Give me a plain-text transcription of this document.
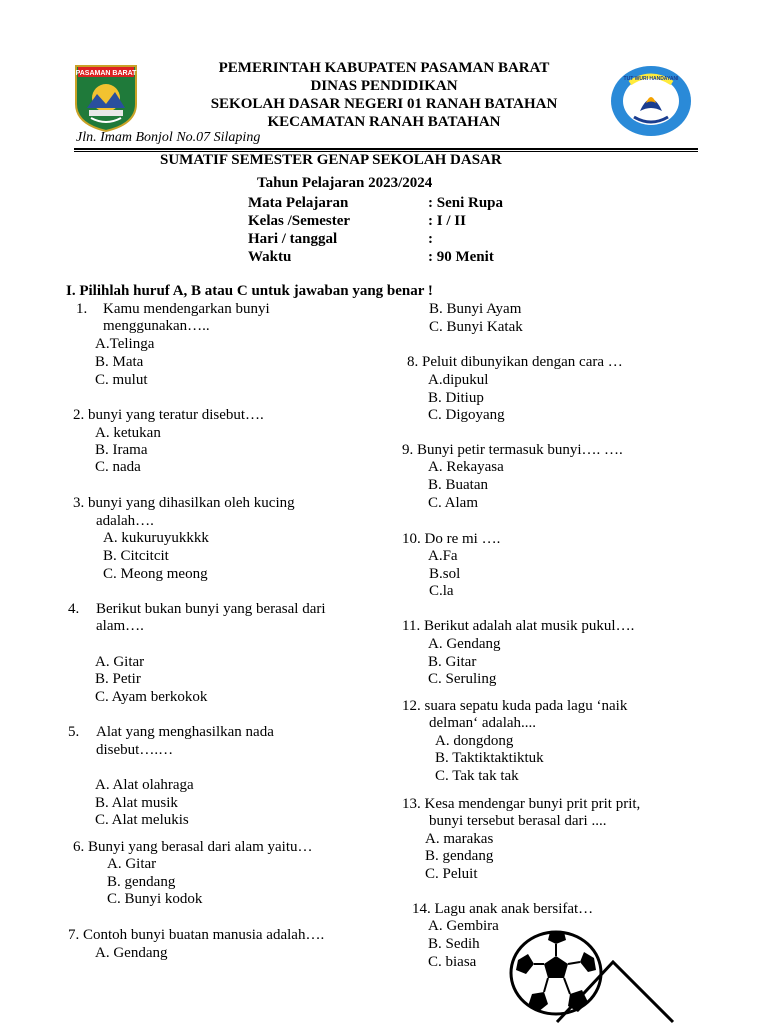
PASAMAN BARAT
TUT WURI HANDAYANI
PEMERINTAH KABUPATEN PASAMAN BARAT
DINAS PENDIDIKAN
SEKOLAH DASAR NEGERI 01 RANAH BATAHAN
KECAMATAN RANAH BATAHAN
Jln. Imam Bonjol No.07 Silaping
SUMATIF SEMESTER GENAP SEKOLAH DASAR
Tahun Pelajaran 2023/2024
Mata Pelajaran	: Seni Rupa
Kelas /Semester	: I / II
Hari / tanggal	:
Waktu	: 90 Menit
I. Pilihlah huruf A, B atau C untuk jawaban yang benar !
1. Kamu mendengarkan bunyi
menggunakan…..
A.Telinga
B. Mata
C. mulut
2. bunyi yang teratur disebut….
A. ketukan
B. Irama
C. nada
3. bunyi yang dihasilkan oleh kucing
adalah….
A. kukuruyukkkk
B. Citcitcit
C. Meong meong
4. Berikut bukan bunyi yang berasal dari
alam….
A. Gitar
B. Petir
C. Ayam berkokok
5. Alat yang menghasilkan nada
disebut….…
A. Alat olahraga
B. Alat musik
C. Alat melukis
6. Bunyi yang berasal dari alam yaitu…
A. Gitar
B. gendang
C. Bunyi kodok
7. Contoh bunyi buatan manusia adalah….
A. Gendang
B. Bunyi Ayam
C. Bunyi Katak
8. Peluit dibunyikan dengan cara …
A.dipukul
B. Ditiup
C. Digoyang
9. Bunyi petir termasuk bunyi…. ….
A. Rekayasa
B. Buatan
C. Alam
10. Do re mi ….
A.Fa
B.sol
C.la
11. Berikut adalah alat musik pukul….
A. Gendang
B. Gitar
C. Seruling
12. suara sepatu kuda pada lagu ‘naik
delman‘ adalah....
A. dongdong
B. Taktiktaktiktuk
C. Tak tak tak
13. Kesa mendengar bunyi prit prit prit,
bunyi tersebut berasal dari ....
A. marakas
B. gendang
C. Peluit
14. Lagu anak anak bersifat…
A. Gembira
B. Sedih
C. biasa
